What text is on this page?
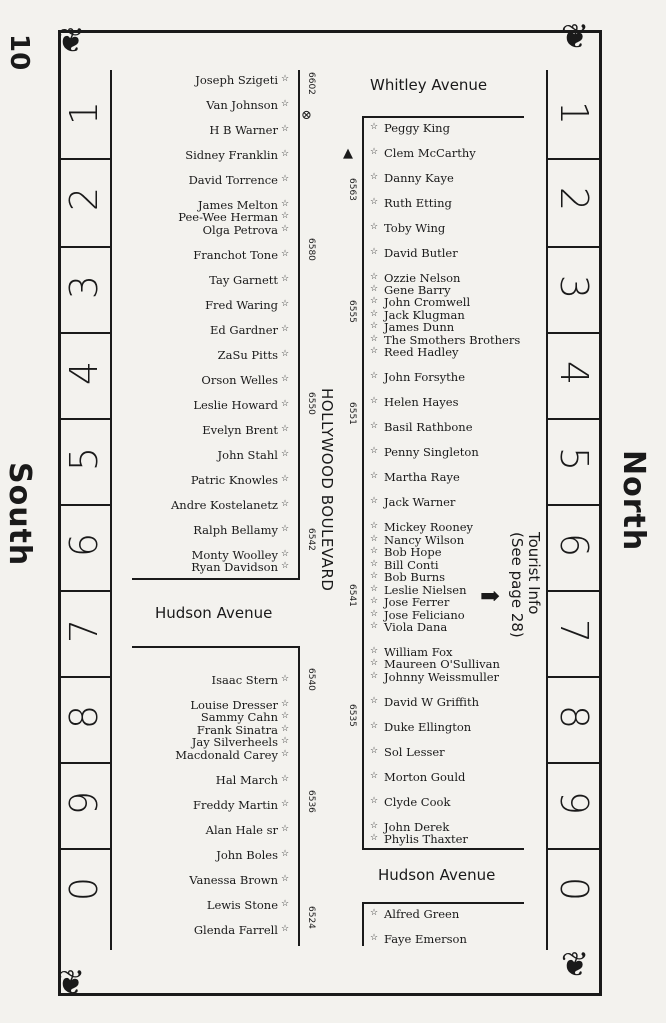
10
South	North
❦
❦
❦
❦
1	1
2	2
3	3
4	4
5	5
6	6
7	7
8	8
9	9
0	0
Whitley Avenue
Hudson Avenue
Hudson Avenue
HOLLYWOOD BOULEVARD	Tourist Info
(See page 28)
➡
▲
⊗
Joseph Szigeti ☆
Van Johnson ☆
H B Warner ☆
Sidney Franklin ☆
David Torrence ☆
James Melton ☆
Pee-Wee Herman ☆
Olga Petrova ☆
Franchot Tone ☆
Tay Garnett ☆
Fred Waring ☆
Ed Gardner ☆
ZaSu Pitts ☆
Orson Welles ☆
Leslie Howard ☆
Evelyn Brent ☆
John Stahl ☆
Patric Knowles ☆
Andre Kostelanetz ☆
Ralph Bellamy ☆
Monty Woolley ☆
Ryan Davidson ☆
Isaac Stern ☆
Louise Dresser ☆
Sammy Cahn ☆
Frank Sinatra ☆
Jay Silverheels ☆
Macdonald Carey ☆
Hal March ☆
Freddy Martin ☆
Alan Hale sr ☆
John Boles ☆
Vanessa Brown ☆
Lewis Stone ☆
Glenda Farrell ☆
☆ Peggy King
☆ Clem McCarthy
☆ Danny Kaye
☆ Ruth Etting
☆ Toby Wing
☆ David Butler
☆ Ozzie Nelson
☆ Gene Barry
☆ John Cromwell
☆ Jack Klugman
☆ James Dunn
☆ The Smothers Brothers
☆ Reed Hadley
☆ John Forsythe
☆ Helen Hayes
☆ Basil Rathbone
☆ Penny Singleton
☆ Martha Raye
☆ Jack Warner
☆ Mickey Rooney
☆ Nancy Wilson
☆ Bob Hope
☆ Bill Conti
☆ Bob Burns
☆ Leslie Nielsen
☆ Jose Ferrer
☆ Jose Feliciano
☆ Viola Dana
☆ William Fox
☆ Maureen O'Sullivan
☆ Johnny Weissmuller
☆ David W Griffith
☆ Duke Ellington
☆ Sol Lesser
☆ Morton Gould
☆ Clyde Cook
☆ John Derek
☆ Phylis Thaxter
☆ Alfred Green
☆ Faye Emerson
6602
6580
6550
6542
6540
6536
6524
6563
6555
6551
6541
6535
